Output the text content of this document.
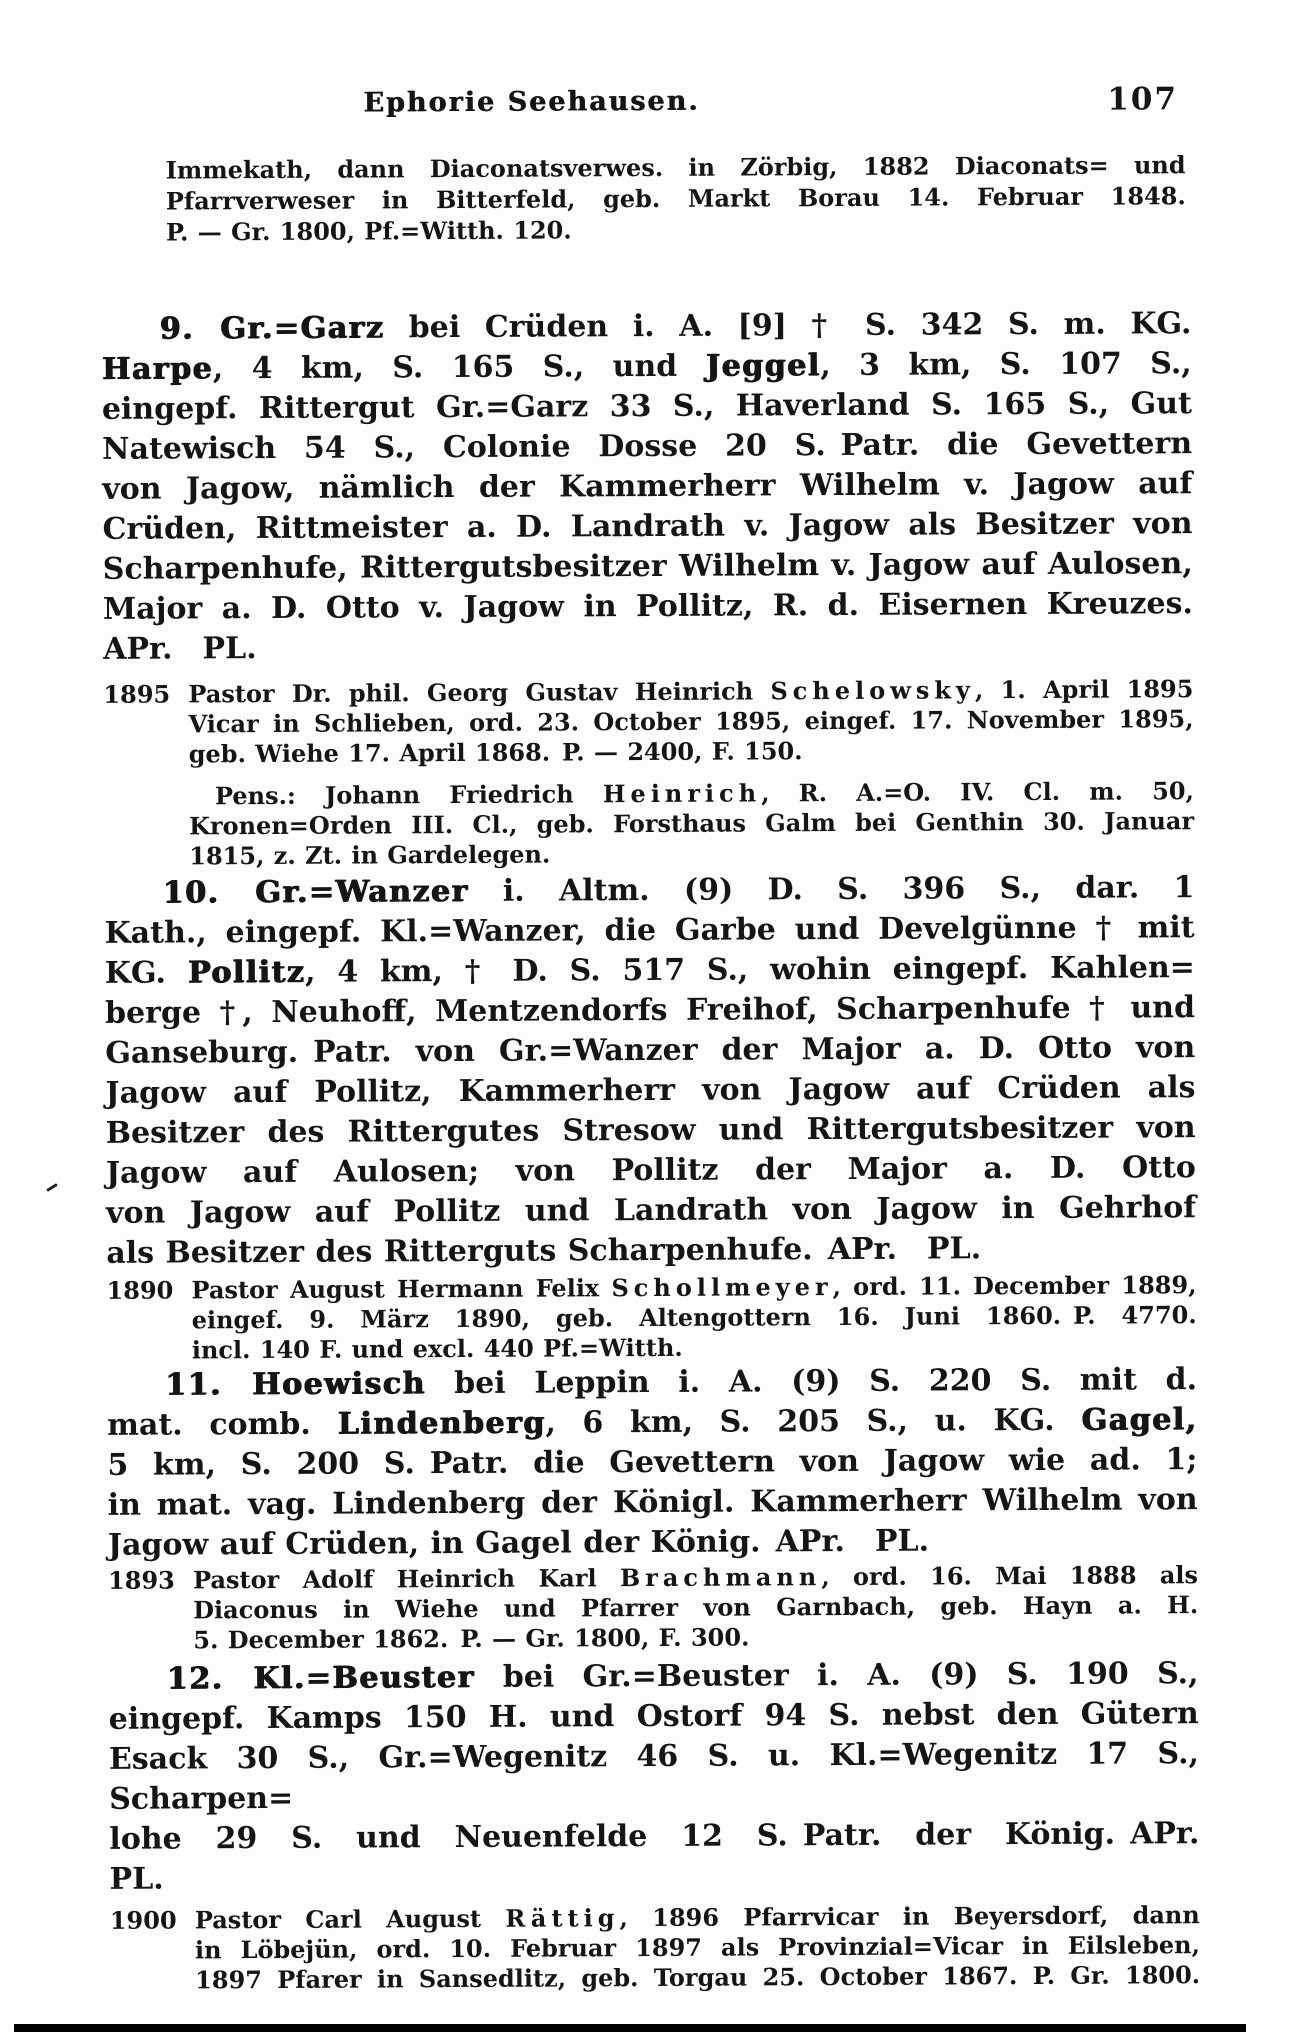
Ephorie Seehausen.	107
Immekath, dann Diaconatsverwes. in Zörbig, 1882 Diaconats= und
Pfarrverweser in Bitterfeld, geb. Markt Borau 14. Februar 1848.
P. — Gr. 1800, Pf.=Witth. 120.
9. Gr.=Garz bei Crüden i. A. [9] † S. 342 S. m. KG.
Harpe, 4 km, S. 165 S., und Jeggel, 3 km, S. 107 S.,
eingepf. Rittergut Gr.=Garz 33 S., Haverland S. 165 S., Gut
Natewisch 54 S., Colonie Dosse 20 S. Patr. die Gevettern
von Jagow, nämlich der Kammerherr Wilhelm v. Jagow auf
Crüden, Rittmeister a. D. Landrath v. Jagow als Besitzer von
Scharpenhufe, Rittergutsbesitzer Wilhelm v. Jagow auf Aulosen,
Major a. D. Otto v. Jagow in Pollitz, R. d. Eisernen Kreuzes.
APr.  PL.
1895 Pastor Dr. phil. Georg Gustav Heinrich Schelowsky, 1. April 1895
Vicar in Schlieben, ord. 23. October 1895, eingef. 17. November 1895,
geb. Wiehe 17. April 1868. P. — 2400, F. 150.
Pens.: Johann Friedrich Heinrich, R. A.=O. IV. Cl. m. 50,
Kronen=Orden III. Cl., geb. Forsthaus Galm bei Genthin 30. Januar
1815, z. Zt. in Gardelegen.
10. Gr.=Wanzer i. Altm. (9) D. S. 396 S., dar. 1
Kath., eingepf. Kl.=Wanzer, die Garbe und Develgünne † mit
KG. Pollitz, 4 km, † D. S. 517 S., wohin eingepf. Kahlen=
berge †, Neuhoff, Mentzendorfs Freihof, Scharpenhufe † und
Ganseburg. Patr. von Gr.=Wanzer der Major a. D. Otto von
Jagow auf Pollitz, Kammerherr von Jagow auf Crüden als
Besitzer des Rittergutes Stresow und Rittergutsbesitzer von
Jagow auf Aulosen; von Pollitz der Major a. D. Otto
von Jagow auf Pollitz und Landrath von Jagow in Gehrhof
als Besitzer des Ritterguts Scharpenhufe. APr.  PL.
1890 Pastor August Hermann Felix Schollmeyer, ord. 11. December 1889,
eingef. 9. März 1890, geb. Altengottern 16. Juni 1860. P. 4770.
incl. 140 F. und excl. 440 Pf.=Witth.
11. Hoewisch bei Leppin i. A. (9) S. 220 S. mit d.
mat. comb. Lindenberg, 6 km, S. 205 S., u. KG. Gagel,
5 km, S. 200 S. Patr. die Gevettern von Jagow wie ad. 1;
in mat. vag. Lindenberg der Königl. Kammerherr Wilhelm von
Jagow auf Crüden, in Gagel der König. APr.  PL.
1893 Pastor Adolf Heinrich Karl Brachmann, ord. 16. Mai 1888 als
Diaconus in Wiehe und Pfarrer von Garnbach, geb. Hayn a. H.
5. December 1862. P. — Gr. 1800, F. 300.
12. Kl.=Beuster bei Gr.=Beuster i. A. (9) S. 190 S.,
eingepf. Kamps 150 H. und Ostorf 94 S. nebst den Gütern
Esack 30 S., Gr.=Wegenitz 46 S. u. Kl.=Wegenitz 17 S., Scharpen=
lohe 29 S. und Neuenfelde 12 S. Patr. der König. APr.
PL.
1900 Pastor Carl August Rättig, 1896 Pfarrvicar in Beyersdorf, dann
in Löbejün, ord. 10. Februar 1897 als Provinzial=Vicar in Eilsleben,
1897 Pfarer in Sansedlitz, geb. Torgau 25. October 1867. P. Gr. 1800.
